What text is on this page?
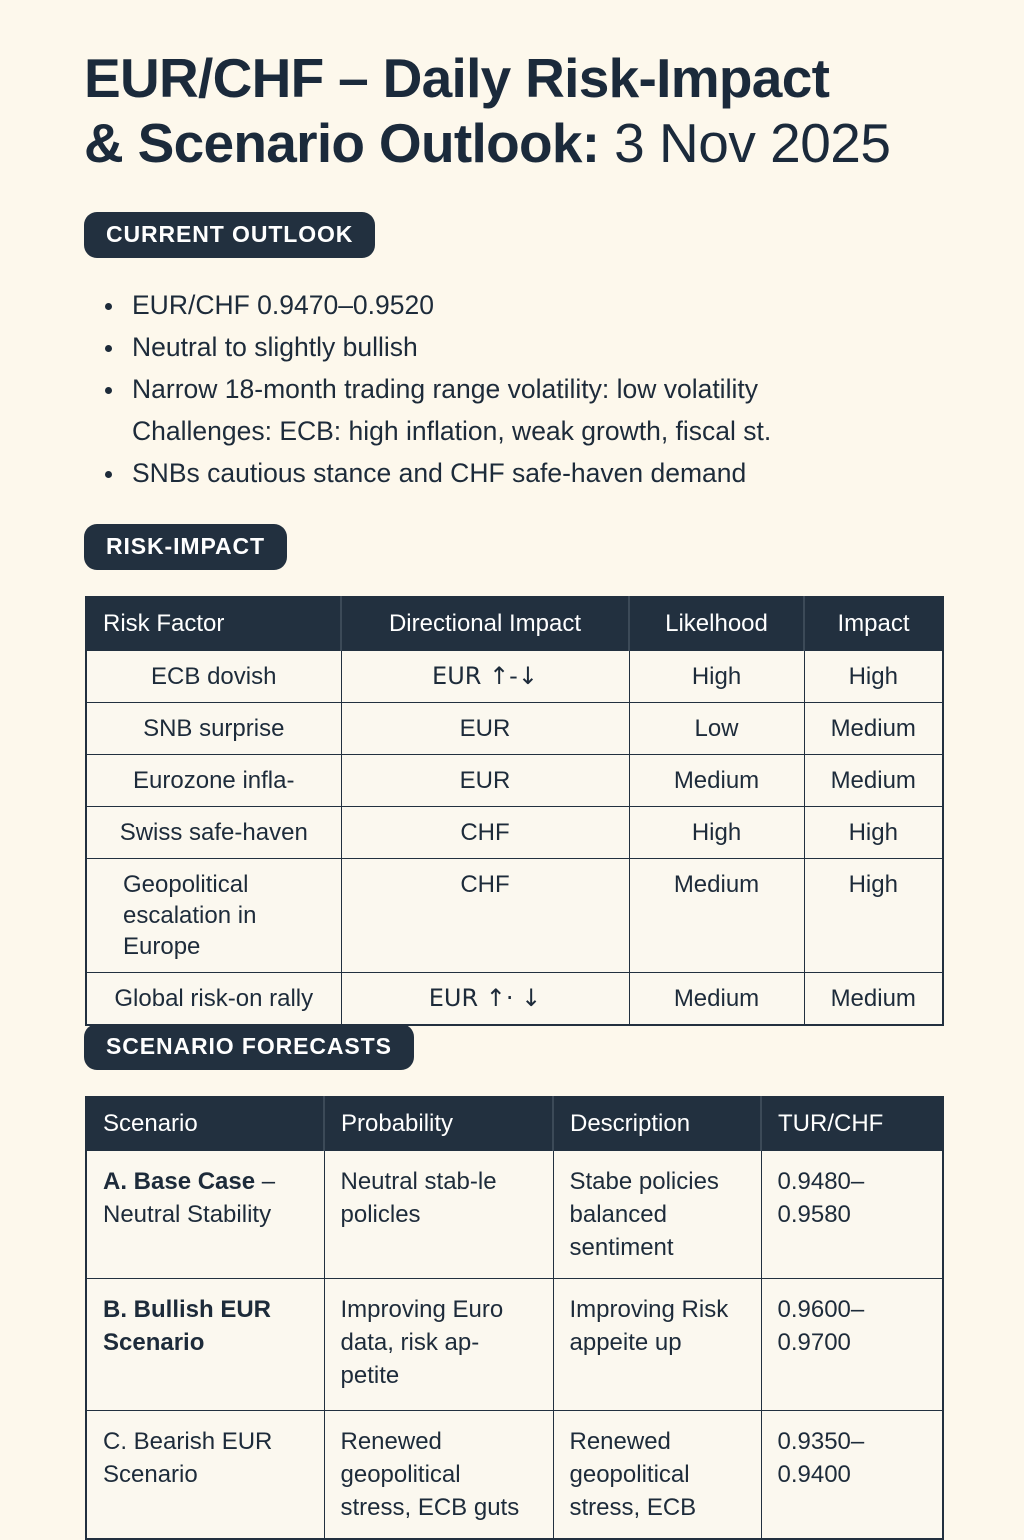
EUR/CHF – Daily Risk-Impact
& Scenario Outlook: 3 Nov 2025
CURRENT OUTLOOK
EUR/CHF 0.9470–0.9520
Neutral to slightly bullish
Narrow 18-month trading range volatility: low volatility
Challenges: ECB: high inflation, weak growth, fiscal st.
SNBs cautious stance and CHF safe-haven demand
RISK-IMPACT
Risk Factor	Directional Impact	Likelhood	Impact
ECB dovish	EUR ↑-↓	High	High
SNB surprise	EUR	Low	Medium
Eurozone infla-	EUR	Medium	Medium
Swiss safe-haven	CHF	High	High
Geopolitical escalation in Europe	CHF	Medium	High
Global risk-on rally	EUR ↑· ↓	Medium	Medium
SCENARIO FORECASTS
Scenario	Probability	Description	TUR/CHF
A. Base Case – Neutral Stability	Neutral stab-le policles	Stabe policies balanced sentiment	0.9480–0.9580
B. Bullish EUR Scenario	Improving Euro data, risk ap-petite	Improving Risk appeite up	0.9600–0.9700
C. Bearish EUR Scenario	Renewed geopolitical stress, ECB guts	Renewed geopolitical stress, ECB	0.9350–0.9400
